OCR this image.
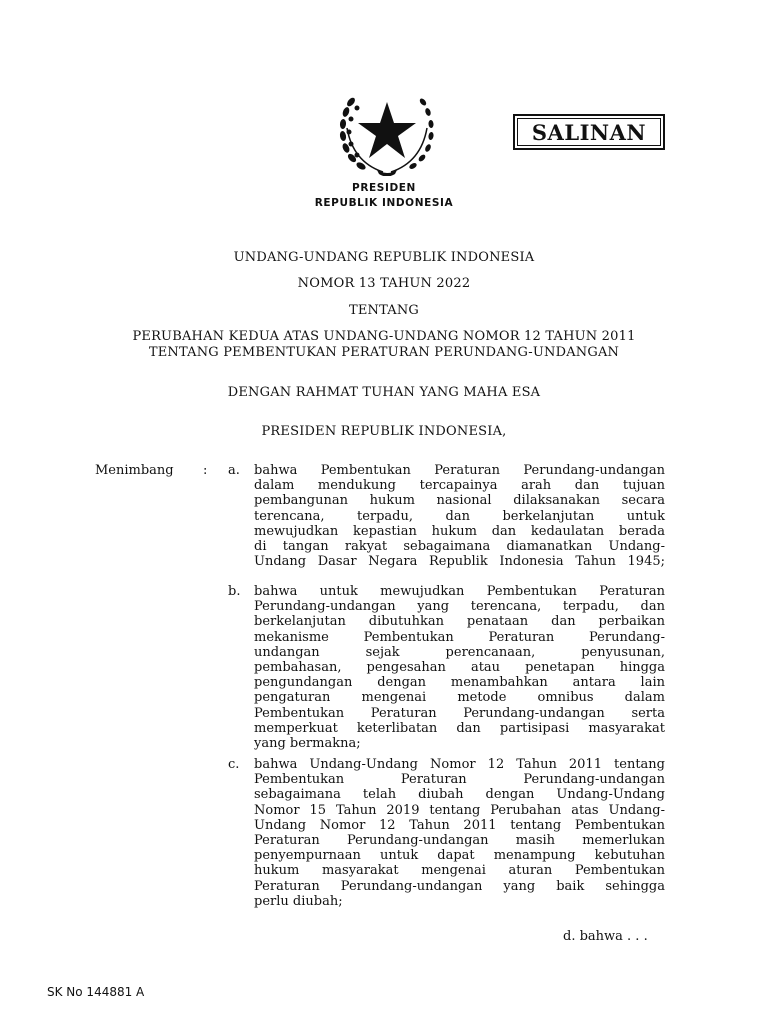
SALINAN
PRESIDEN
REPUBLIK INDONESIA
UNDANG-UNDANG REPUBLIK INDONESIA
NOMOR 13 TAHUN 2022
TENTANG
PERUBAHAN KEDUA ATAS UNDANG-UNDANG NOMOR 12 TAHUN 2011
TENTANG PEMBENTUKAN PERATURAN PERUNDANG-UNDANGAN
DENGAN RAHMAT TUHAN YANG MAHA ESA
PRESIDEN REPUBLIK INDONESIA,
Menimbang : a. bahwa Pembentukan Peraturan Perundang-undangan
dalam mendukung tercapainya arah dan tujuan
pembangunan hukum nasional dilaksanakan secara
terencana, terpadu, dan berkelanjutan untuk
mewujudkan kepastian hukum dan kedaulatan berada
di tangan rakyat sebagaimana diamanatkan Undang-
Undang Dasar Negara Republik Indonesia Tahun 1945;
b. bahwa untuk mewujudkan Pembentukan Peraturan
Perundang-undangan yang terencana, terpadu, dan
berkelanjutan dibutuhkan penataan dan perbaikan
mekanisme Pembentukan Peraturan Perundang-
undangan sejak perencanaan, penyusunan,
pembahasan, pengesahan atau penetapan hingga
pengundangan dengan menambahkan antara lain
pengaturan mengenai metode omnibus dalam
Pembentukan Peraturan Perundang-undangan serta
memperkuat keterlibatan dan partisipasi masyarakat
yang bermakna;
c. bahwa Undang-Undang Nomor 12 Tahun 2011 tentang
Pembentukan Peraturan Perundang-undangan
sebagaimana telah diubah dengan Undang-Undang
Nomor 15 Tahun 2019 tentang Perubahan atas Undang-
Undang Nomor 12 Tahun 2011 tentang Pembentukan
Peraturan Perundang-undangan masih memerlukan
penyempurnaan untuk dapat menampung kebutuhan
hukum masyarakat mengenai aturan Pembentukan
Peraturan Perundang-undangan yang baik sehingga
perlu diubah;
d. bahwa . . .
SK No 144881 A
